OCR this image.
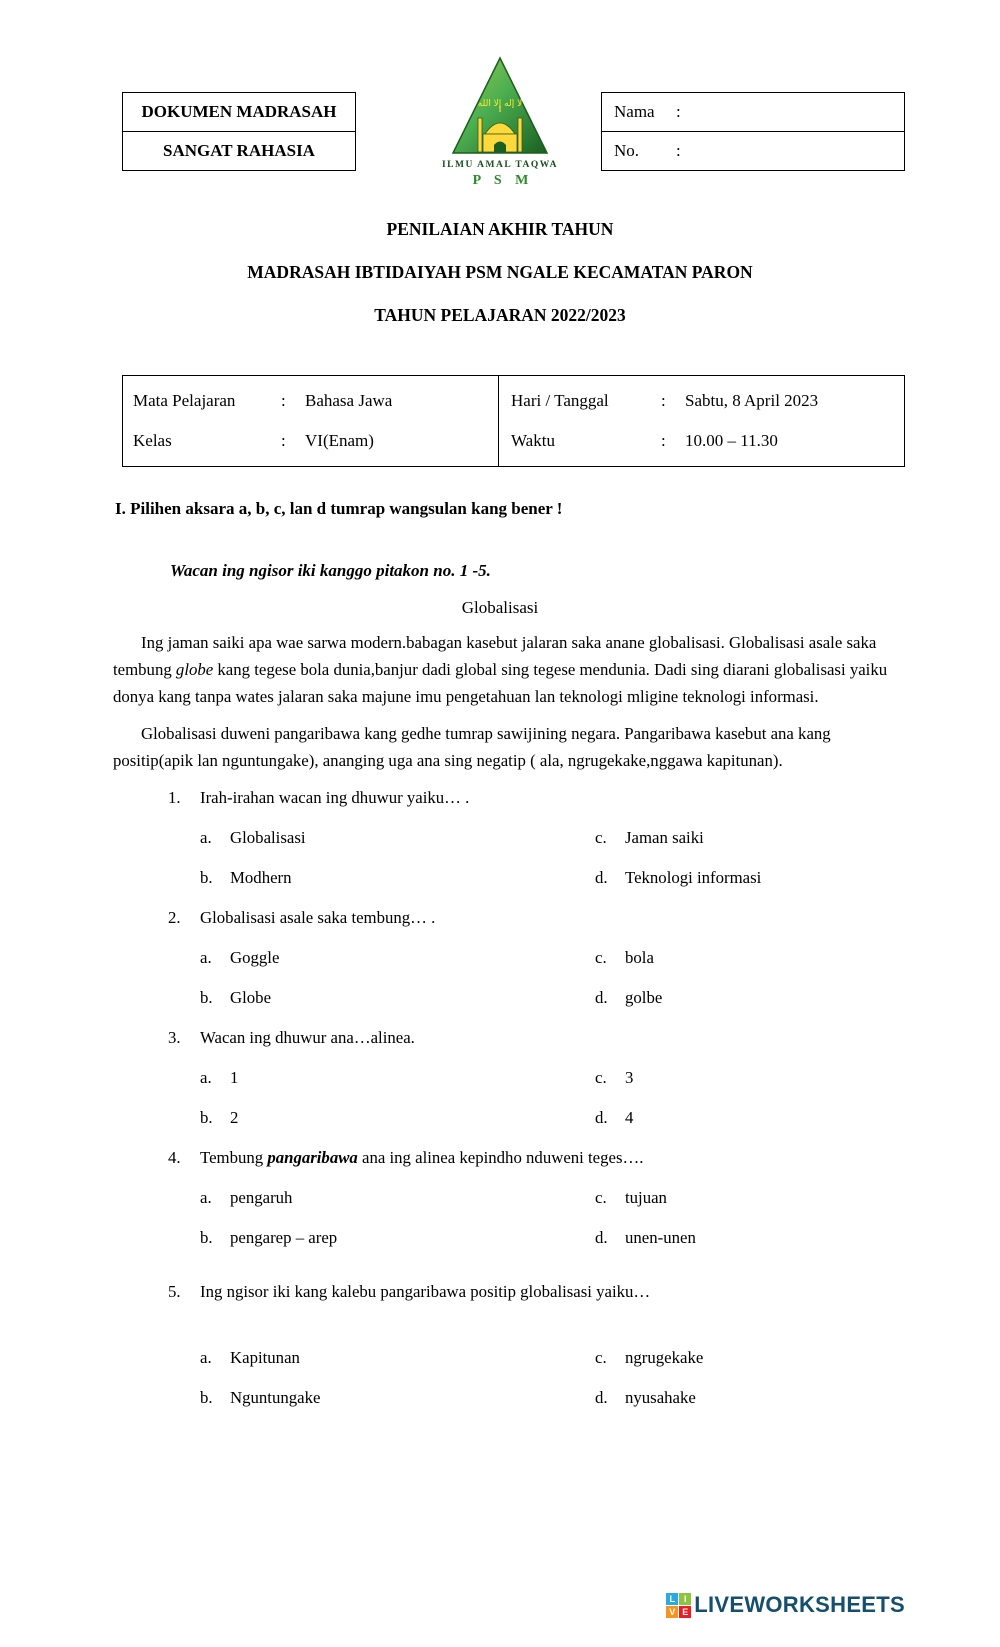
DOKUMEN MADRASAH
SANGAT RAHASIA
لا إله إلا الله
ILMU AMAL TAQWA
P S M
Nama	:
No.	:
PENILAIAN AKHIR TAHUN
MADRASAH IBTIDAIYAH PSM NGALE KECAMATAN PARON
TAHUN PELAJARAN 2022/2023
Mata Pelajaran	:	Bahasa Jawa
Kelas	:	VI(Enam)
Hari / Tanggal	:	Sabtu, 8 April 2023
Waktu	:	10.00 – 11.30
I. Pilihen aksara a, b, c, lan d tumrap wangsulan kang bener !
Wacan ing ngisor iki kanggo pitakon no. 1 -5.
Globalisasi

Ing jaman saiki apa wae sarwa modern.babagan kasebut jalaran saka anane globalisasi. Globalisasi asale saka tembung globe kang tegese bola dunia,banjur dadi global sing tegese mendunia. Dadi sing diarani globalisasi yaiku donya kang tanpa wates jalaran saka majune imu pengetahuan lan teknologi mligine teknologi informasi.

Globalisasi duweni pangaribawa kang gedhe tumrap sawijining negara. Pangaribawa kasebut ana kang positip(apik lan nguntungake), ananging uga ana sing negatip ( ala, ngrugekake,nggawa kapitunan).

1.	Irah-irahan wacan ing dhuwur yaiku… .
a.	Globalisasi	c.	Jaman saiki
b.	Modhern	d.	Teknologi informasi
2.	Globalisasi asale saka tembung… .
a.	Goggle	c.	bola
b.	Globe	d.	golbe
3.	Wacan ing dhuwur ana…alinea.
a.	1	c.	3
b.	2	d.	4
4.	Tembung pangaribawa ana ing alinea kepindho nduweni teges….
a.	pengaruh	c.	tujuan
b.	pengarep – arep	d.	unen-unen
5.	Ing ngisor iki kang kalebu pangaribawa positip globalisasi yaiku…
a.	Kapitunan	c.	ngrugekake
b.	Nguntungake	d.	nyusahake
L I
V E LIVEWORKSHEETS
